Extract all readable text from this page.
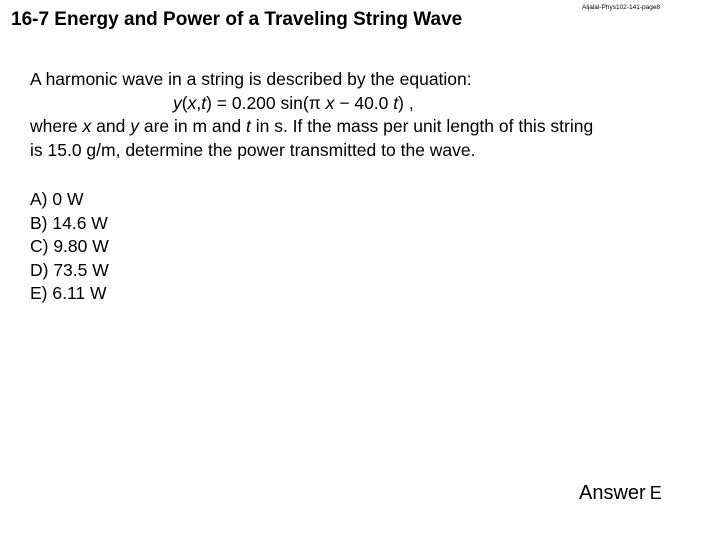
16-7 Energy and Power of a Traveling String Wave
Aljalal-Phys102-141-page8
A harmonic wave in a string is described by the equation:
y(x,t) = 0.200 sin(π x − 40.0 t) ,
where x and y are in m and t in s. If the mass per unit length of this string
is 15.0 g/m, determine the power transmitted to the wave.
A) 0 W
B) 14.6 W
C) 9.80 W
D) 73.5 W
E) 6.11 W
Answer E
